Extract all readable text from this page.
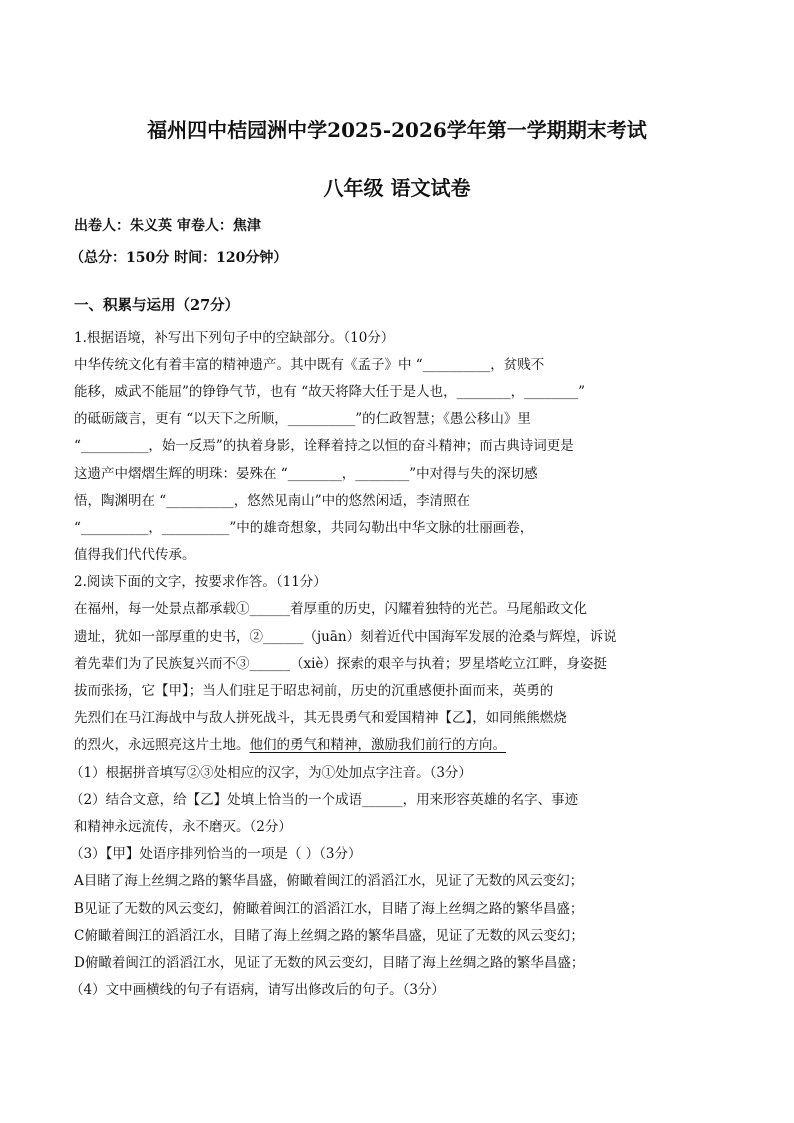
福州四中桔园洲中学2025-2026学年第一学期期末考试
八年级 语文试卷
出卷人：朱义英 审卷人：焦津
（总分：150分 时间：120分钟）
一、积累与运用（27分）
1.根据语境，补写出下列句子中的空缺部分。（10分）
中华传统文化有着丰富的精神遗产。其中既有《孟子》中 “__________，贫贱不
能移，威武不能屈”的铮铮气节，也有 “故天将降大任于是人也，________，________”
的砥砺箴言，更有 “以天下之所顺，__________”的仁政智慧；《愚公移山》里
“__________，始一反焉”的执着身影，诠释着持之以恒的奋斗精神；而古典诗词更是
这遗产中熠熠生辉的明珠：晏殊在 “________，________”中对得与失的深切感
悟，陶渊明在 “__________，悠然见南山”中的悠然闲适，李清照在
“__________，__________”中的雄奇想象，共同勾勒出中华文脉的壮丽画卷，
值得我们代代传承。
2.阅读下面的文字，按要求作答。（11分）
在福州，每一处景点都承载①______着厚重的历史，闪耀着独特的光芒。马尾船政文化
遗址，犹如一部厚重的史书，②______（juān）刻着近代中国海军发展的沧桑与辉煌，诉说
着先辈们为了民族复兴而不③______（xiè）探索的艰辛与执着；罗星塔屹立江畔，身姿挺
拔而张扬，它【甲】；当人们驻足于昭忠祠前，历史的沉重感便扑面而来，英勇的
先烈们在马江海战中与敌人拼死战斗，其无畏勇气和爱国精神【乙】，如同熊熊燃烧
的烈火，永远照亮这片土地。他们的勇气和精神，激励我们前行的方向。
（1）根据拼音填写②③处相应的汉字，为①处加点字注音。（3分）
（2）结合文意，给【乙】处填上恰当的一个成语______，用来形容英雄的名字、事迹
和精神永远流传，永不磨灭。（2分）
（3）【甲】处语序排列恰当的一项是（ ）（3分）
A目睹了海上丝绸之路的繁华昌盛，俯瞰着闽江的滔滔江水，见证了无数的风云变幻；
B见证了无数的风云变幻，俯瞰着闽江的滔滔江水，目睹了海上丝绸之路的繁华昌盛；
C俯瞰着闽江的滔滔江水，目睹了海上丝绸之路的繁华昌盛，见证了无数的风云变幻；
D俯瞰着闽江的滔滔江水，见证了无数的风云变幻，目睹了海上丝绸之路的繁华昌盛；
（4）文中画横线的句子有语病，请写出修改后的句子。（3分）
